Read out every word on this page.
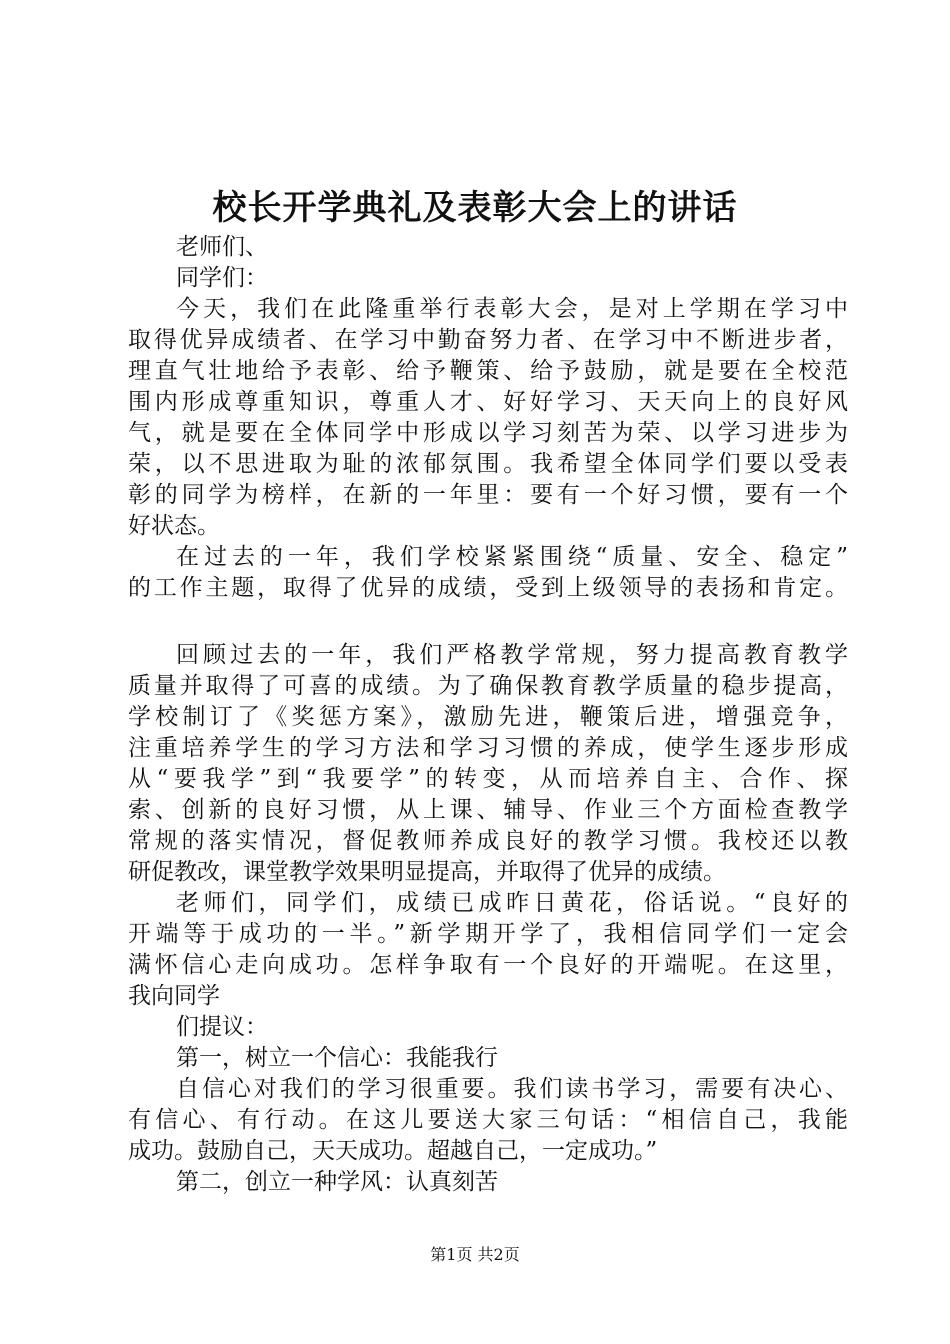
校长开学典礼及表彰大会上的讲话
老师们、
同学们：
今天，我们在此隆重举行表彰大会，是对上学期在学习中
取得优异成绩者、在学习中勤奋努力者、在学习中不断进步者，
理直气壮地给予表彰、给予鞭策、给予鼓励，就是要在全校范
围内形成尊重知识，尊重人才、好好学习、天天向上的良好风
气，就是要在全体同学中形成以学习刻苦为荣、以学习进步为
荣，以不思进取为耻的浓郁氛围。我希望全体同学们要以受表
彰的同学为榜样，在新的一年里：要有一个好习惯，要有一个
好状态。
在过去的一年，我们学校紧紧围绕“质量、安全、稳定”
的工作主题，取得了优异的成绩，受到上级领导的表扬和肯定。
回顾过去的一年，我们严格教学常规，努力提高教育教学
质量并取得了可喜的成绩。为了确保教育教学质量的稳步提高，
学校制订了《奖惩方案》，激励先进，鞭策后进，增强竞争，
注重培养学生的学习方法和学习习惯的养成，使学生逐步形成
从“要我学”到“我要学”的转变，从而培养自主、合作、探
索、创新的良好习惯，从上课、辅导、作业三个方面检查教学
常规的落实情况，督促教师养成良好的教学习惯。我校还以教
研促教改，课堂教学效果明显提高，并取得了优异的成绩。
老师们，同学们，成绩已成昨日黄花，俗话说。“良好的
开端等于成功的一半。”新学期开学了，我相信同学们一定会
满怀信心走向成功。怎样争取有一个良好的开端呢。在这里，
我向同学
们提议：
第一，树立一个信心：我能我行
自信心对我们的学习很重要。我们读书学习，需要有决心、
有信心、有行动。在这儿要送大家三句话：“相信自己，我能
成功。鼓励自己，天天成功。超越自己，一定成功。”
第二，创立一种学风：认真刻苦
第1页 共2页
